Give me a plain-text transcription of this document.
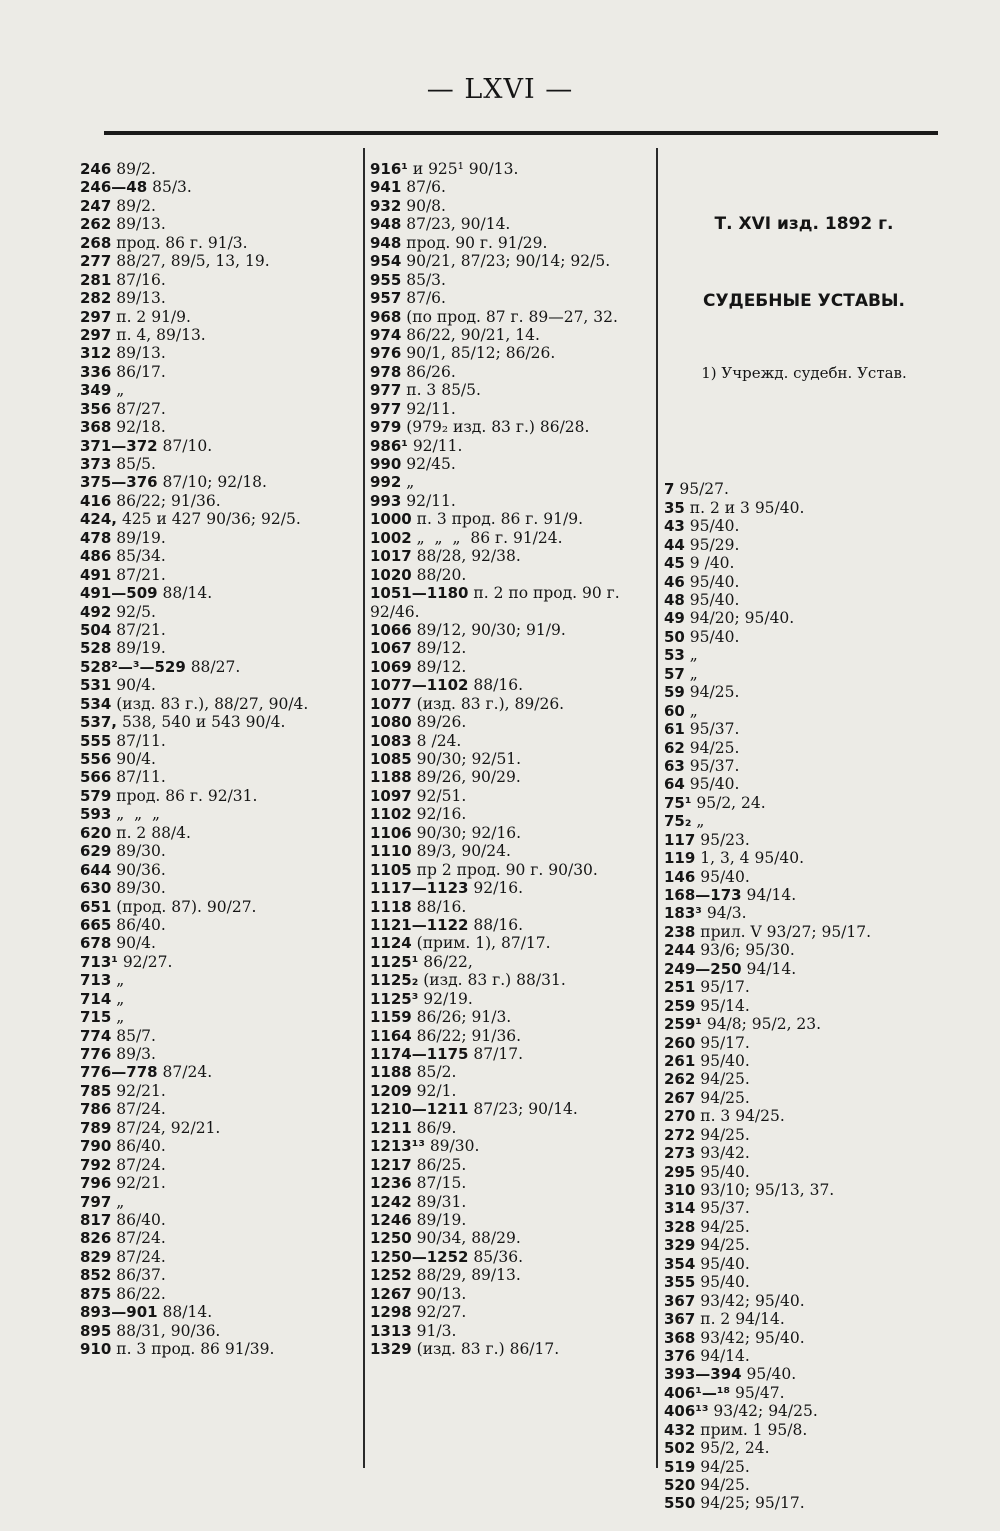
— LXVI —
246 89/2.
246—48 85/3.
247 89/2.
262 89/13.
268 прод. 86 г. 91/3.
277 88/27, 89/5, 13, 19.
281 87/16.
282 89/13.
297 п. 2 91/9.
297 п. 4, 89/13.
312 89/13.
336 86/17.
349 „
356 87/27.
368 92/18.
371—372 87/10.
373 85/5.
375—376 87/10; 92/18.
416 86/22; 91/36.
424, 425 и 427 90/36; 92/5.
478 89/19.
486 85/34.
491 87/21.
491—509 88/14.
492 92/5.
504 87/21.
528 89/19.
528²—³—529 88/27.
531 90/4.
534 (изд. 83 г.), 88/27, 90/4.
537, 538, 540 и 543 90/4.
555 87/11.
556 90/4.
566 87/11.
579 прод. 86 г. 92/31.
593 „  „  „
620 п. 2 88/4.
629 89/30.
644 90/36.
630 89/30.
651 (прод. 87). 90/27.
665 86/40.
678 90/4.
713¹ 92/27.
713 „
714 „
715 „
774 85/7.
776 89/3.
776—778 87/24.
785 92/21.
786 87/24.
789 87/24, 92/21.
790 86/40.
792 87/24.
796 92/21.
797 „
817 86/40.
826 87/24.
829 87/24.
852 86/37.
875 86/22.
893—901 88/14.
895 88/31, 90/36.
910 п. 3 прод. 86 91/39.
916¹ и 925¹ 90/13.
941 87/6.
932 90/8.
948 87/23, 90/14.
948 прод. 90 г. 91/29.
954 90/21, 87/23; 90/14; 92/5.
955 85/3.
957 87/6.
968 (по прод. 87 г. 89—27, 32.
974 86/22, 90/21, 14.
976 90/1, 85/12; 86/26.
978 86/26.
977 п. 3 85/5.
977 92/11.
979 (979₂ изд. 83 г.) 86/28.
986¹ 92/11.
990 92/45.
992 „
993 92/11.
1000 п. 3 прод. 86 г. 91/9.
1002 „  „  „  86 г. 91/24.
1017 88/28, 92/38.
1020 88/20.
1051—1180 п. 2 по прод. 90 г.
92/46.
1066 89/12, 90/30; 91/9.
1067 89/12.
1069 89/12.
1077—1102 88/16.
1077 (изд. 83 г.), 89/26.
1080 89/26.
1083 8 /24.
1085 90/30; 92/51.
1188 89/26, 90/29.
1097 92/51.
1102 92/16.
1106 90/30; 92/16.
1110 89/3, 90/24.
1105 пр 2 прод. 90 г. 90/30.
1117—1123 92/16.
1118 88/16.
1121—1122 88/16.
1124 (прим. 1), 87/17.
1125¹ 86/22,
1125₂ (изд. 83 г.) 88/31.
1125³ 92/19.
1159 86/26; 91/3.
1164 86/22; 91/36.
1174—1175 87/17.
1188 85/2.
1209 92/1.
1210—1211 87/23; 90/14.
1211 86/9.
1213¹³ 89/30.
1217 86/25.
1236 87/15.
1242 89/31.
1246 89/19.
1250 90/34, 88/29.
1250—1252 85/36.
1252 88/29, 89/13.
1267 90/13.
1298 92/27.
1313 91/3.
1329 (изд. 83 г.) 86/17.

Т. XVI изд. 1892 г.

СУДЕБНЫЕ УСТАВЫ.

1) Учрежд. судебн. Устав.

7 95/27.
35 п. 2 и 3 95/40.
43 95/40.
44 95/29.
45 9 /40.
46 95/40.
48 95/40.
49 94/20; 95/40.
50 95/40.
53 „
57 „
59 94/25.
60 „
61 95/37.
62 94/25.
63 95/37.
64 95/40.
75¹ 95/2, 24.
75₂ „
117 95/23.
119 1, 3, 4 95/40.
146 95/40.
168—173 94/14.
183³ 94/3.
238 прил. V 93/27; 95/17.
244 93/6; 95/30.
249—250 94/14.
251 95/17.
259 95/14.
259¹ 94/8; 95/2, 23.
260 95/17.
261 95/40.
262 94/25.
267 94/25.
270 п. 3 94/25.
272 94/25.
273 93/42.
295 95/40.
310 93/10; 95/13, 37.
314 95/37.
328 94/25.
329 94/25.
354 95/40.
355 95/40.
367 93/42; 95/40.
367 п. 2 94/14.
368 93/42; 95/40.
376 94/14.
393—394 95/40.
406¹—¹⁸ 95/47.
406¹³ 93/42; 94/25.
432 прим. 1 95/8.
502 95/2, 24.
519 94/25.
520 94/25.
550 94/25; 95/17.
